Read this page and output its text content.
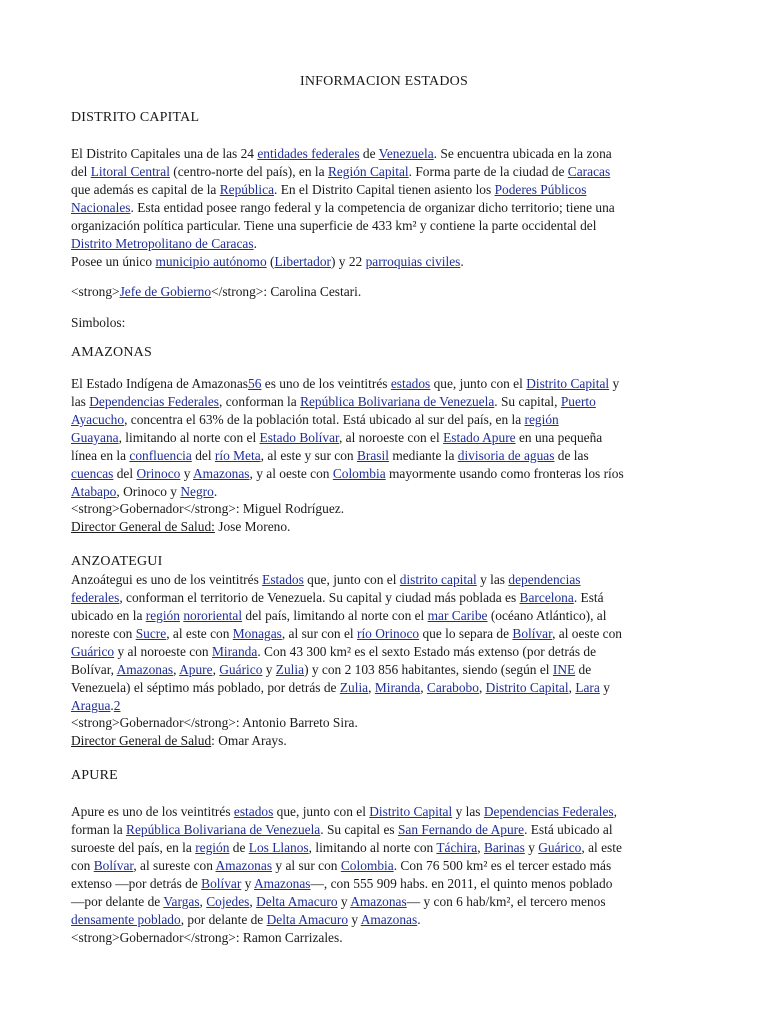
INFORMACION ESTADOS
DISTRITO CAPITAL
El Distrito Capitales una de las 24 entidades federales de Venezuela. Se encuentra ubicada en la zona
del Litoral Central (centro-norte del país), en la Región Capital. Forma parte de la ciudad de Caracas
que además es capital de la República. En el Distrito Capital tienen asiento los Poderes Públicos
Nacionales. Esta entidad posee rango federal y la competencia de organizar dicho territorio; tiene una
organización política particular. Tiene una superficie de 433 km² y contiene la parte occidental del
Distrito Metropolitano de Caracas.
Posee un único municipio autónomo (Libertador) y 22 parroquias civiles.
<strong>Jefe de Gobierno</strong>: Carolina Cestari.
Simbolos:
AMAZONAS
El Estado Indígena de Amazonas56 es uno de los veintitrés estados que, junto con el Distrito Capital y
las Dependencias Federales, conforman la República Bolivariana de Venezuela. Su capital, Puerto
Ayacucho, concentra el 63% de la población total. Está ubicado al sur del país, en la región
Guayana, limitando al norte con el Estado Bolívar, al noroeste con el Estado Apure en una pequeña
línea en la confluencia del río Meta, al este y sur con Brasil mediante la divisoria de aguas de las
cuencas del Orinoco y Amazonas, y al oeste con Colombia mayormente usando como fronteras los ríos
Atabapo, Orinoco y Negro.
<strong>Gobernador</strong>: Miguel Rodríguez.
Director General de Salud: Jose Moreno.
ANZOATEGUI
Anzoátegui es uno de los veintitrés Estados que, junto con el distrito capital y las dependencias
federales, conforman el territorio de Venezuela. Su capital y ciudad más poblada es Barcelona. Está
ubicado en la región nororiental del país, limitando al norte con el mar Caribe (océano Atlántico), al
noreste con Sucre, al este con Monagas, al sur con el río Orinoco que lo separa de Bolívar, al oeste con
Guárico y al noroeste con Miranda. Con 43 300 km² es el sexto Estado más extenso (por detrás de
Bolívar, Amazonas, Apure, Guárico y Zulia) y con 2 103 856 habitantes, siendo (según el INE de
Venezuela) el séptimo más poblado, por detrás de Zulia, Miranda, Carabobo, Distrito Capital, Lara y
Aragua.2
<strong>Gobernador</strong>: Antonio Barreto Sira.
Director General de Salud: Omar Arays.
APURE
Apure es uno de los veintitrés estados que, junto con el Distrito Capital y las Dependencias Federales,
forman la República Bolivariana de Venezuela. Su capital es San Fernando de Apure. Está ubicado al
suroeste del país, en la región de Los Llanos, limitando al norte con Táchira, Barinas y Guárico, al este
con Bolívar, al sureste con Amazonas y al sur con Colombia. Con 76 500 km² es el tercer estado más
extenso —por detrás de Bolívar y Amazonas—, con 555 909 habs. en 2011, el quinto menos poblado
—por delante de Vargas, Cojedes, Delta Amacuro y Amazonas— y con 6 hab/km², el tercero menos
densamente poblado, por delante de Delta Amacuro y Amazonas.
<strong>Gobernador</strong>: Ramon Carrizales.
